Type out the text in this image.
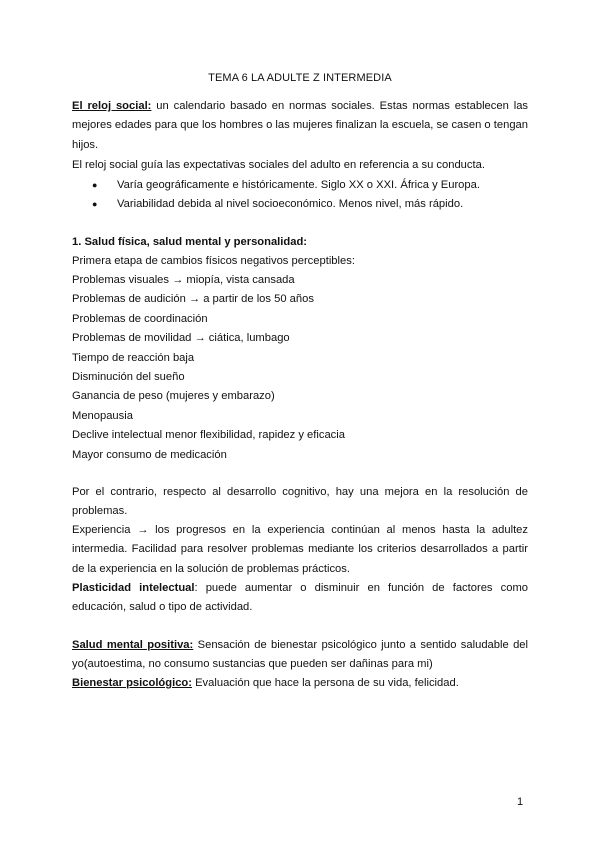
TEMA 6 LA ADULTE Z INTERMEDIA
El reloj social: un calendario basado en normas sociales. Estas normas establecen las mejores edades para que los hombres o las mujeres finalizan la escuela, se casen o tengan hijos.
El reloj social guía las expectativas sociales del adulto en referencia a su conducta.
● Varía geográficamente e históricamente. Siglo XX o XXI. África y Europa.
● Variabilidad debida al nivel socioeconómico. Menos nivel, más rápido.
1. Salud física, salud mental y personalidad:
Primera etapa de cambios físicos negativos perceptibles:
Problemas visuales → miopía, vista cansada
Problemas de audición → a partir de los 50 años
Problemas de coordinación
Problemas de movilidad → ciática, lumbago
Tiempo de reacción baja
Disminución del sueño
Ganancia de peso (mujeres y embarazo)
Menopausia
Declive intelectual menor flexibilidad, rapidez y eficacia
Mayor consumo de medicación
Por el contrario, respecto al desarrollo cognitivo, hay una mejora en la resolución de problemas.
Experiencia → los progresos en la experiencia continúan al menos hasta la adultez intermedia. Facilidad para resolver problemas mediante los criterios desarrollados a partir de la experiencia en la solución de problemas prácticos.
Plasticidad intelectual: puede aumentar o disminuir en función de factores como educación, salud o tipo de actividad.
Salud mental positiva: Sensación de bienestar psicológico junto a sentido saludable del yo(autoestima, no consumo sustancias que pueden ser dañinas para mi)
Bienestar psicológico: Evaluación que hace la persona de su vida, felicidad.
1
